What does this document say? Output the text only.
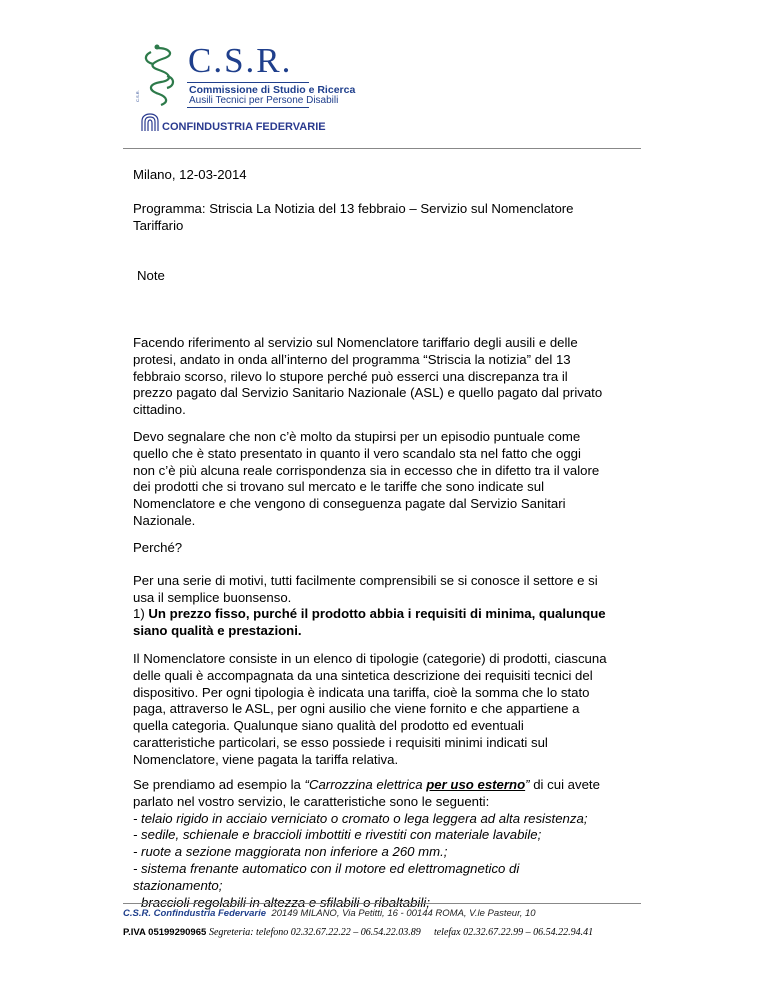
C.S.R.
C.S.R.
Commissione di Studio e Ricerca
Ausili Tecnici per Persone Disabili
CONFINDUSTRIA FEDERVARIE
Milano, 12-03-2014
Programma: Striscia La Notizia del 13 febbraio – Servizio sul Nomenclatore
Tariffario
Note
Facendo riferimento al servizio sul Nomenclatore tariffario degli ausili e delle
protesi, andato in onda all’interno del programma “Striscia la notizia” del 13
febbraio scorso, rilevo lo stupore perché può esserci una discrepanza tra il
prezzo pagato dal Servizio Sanitario Nazionale (ASL) e quello pagato dal privato
cittadino.
Devo segnalare che non c’è molto da stupirsi per un episodio puntuale come
quello che è stato presentato in quanto il vero scandalo sta nel fatto che oggi
non c’è più alcuna reale corrispondenza sia in eccesso che in difetto tra il valore
dei prodotti che si trovano sul mercato e le tariffe che sono indicate sul
Nomenclatore e che vengono di conseguenza pagate dal Servizio Sanitari
Nazionale.
Perché?
Per una serie di motivi, tutti facilmente comprensibili se si conosce il settore e si
usa il semplice buonsenso.
1) Un prezzo fisso, purché il prodotto abbia i requisiti di minima, qualunque
siano qualità e prestazioni.
Il Nomenclatore consiste in un elenco di tipologie (categorie) di prodotti, ciascuna
delle quali è accompagnata da una sintetica descrizione dei requisiti tecnici del
dispositivo. Per ogni tipologia è indicata una tariffa, cioè la somma che lo stato
paga, attraverso le ASL, per ogni ausilio che viene fornito e che appartiene a
quella categoria. Qualunque siano qualità del prodotto ed eventuali
caratteristiche particolari, se esso possiede i requisiti minimi indicati sul
Nomenclatore, viene pagata la tariffa relativa.
Se prendiamo ad esempio la “Carrozzina elettrica per uso esterno” di cui avete
parlato nel vostro servizio, le caratteristiche sono le seguenti:
- telaio rigido in acciaio verniciato o cromato o lega leggera ad alta resistenza;
- sedile, schienale e braccioli imbottiti e rivestiti con materiale lavabile;
- ruote a sezione maggiorata non inferiore a 260 mm.;
- sistema frenante automatico con il motore ed elettromagnetico di
stazionamento;
C.S.R. Confindustria Federvarie 20149 MILANO, Via Petitti, 16 - 00144 ROMA, V.le Pasteur, 10
P.IVA 05199290965 Segreteria: telefono 02.32.67.22.22 – 06.54.22.03.89 telefax 02.32.67.22.99 – 06.54.22.94.41
